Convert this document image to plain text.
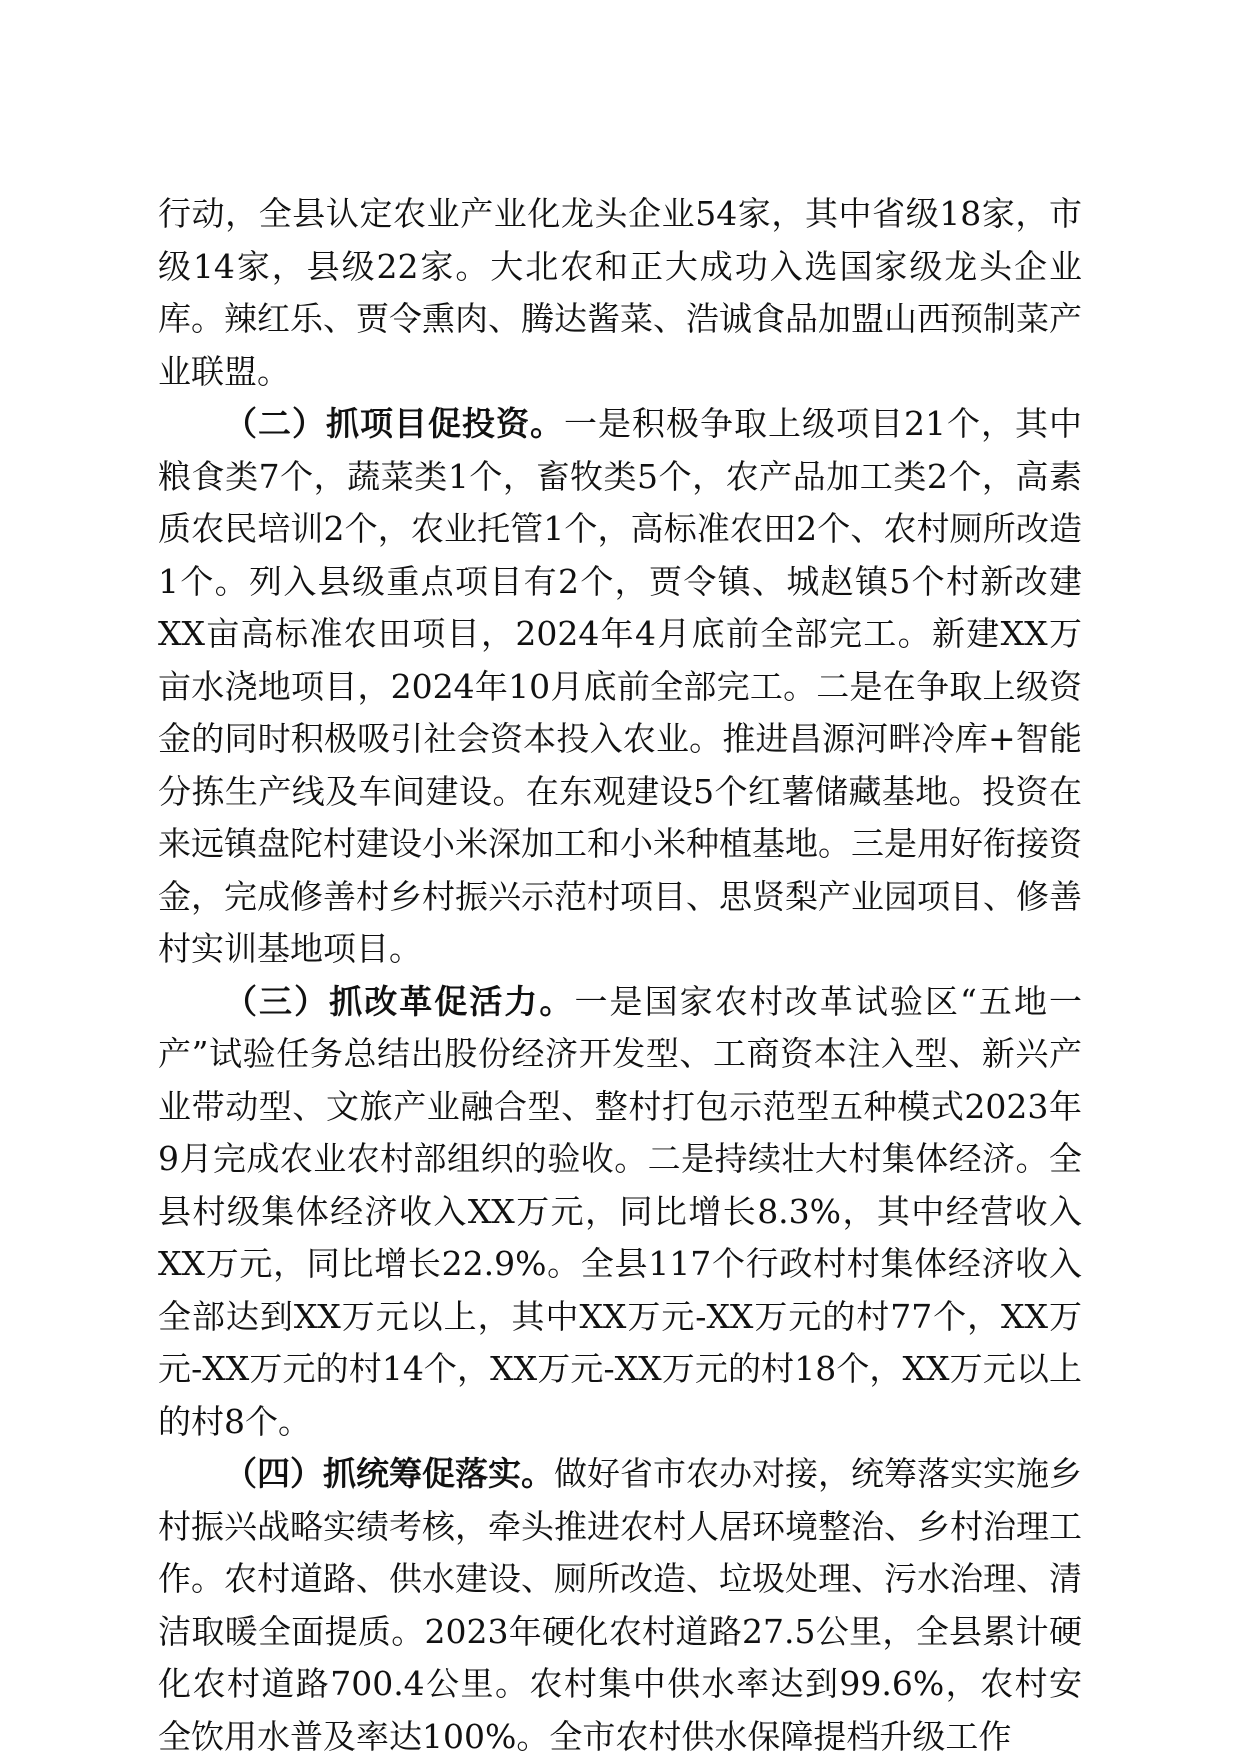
行动，全县认定农业产业化龙头企业54家，其中省级18家，市级14家，县级22家。大北农和正大成功入选国家级龙头企业库。辣红乐、贾令熏肉、腾达酱菜、浩诚食品加盟山西预制菜产业联盟。

（二）抓项目促投资。一是积极争取上级项目21个，其中粮食类7个，蔬菜类1个，畜牧类5个，农产品加工类2个，高素质农民培训2个，农业托管1个，高标准农田2个、农村厕所改造1个。列入县级重点项目有2个，贾令镇、城赵镇5个村新改建XX亩高标准农田项目，2024年4月底前全部完工。新建XX万亩水浇地项目，2024年10月底前全部完工。二是在争取上级资金的同时积极吸引社会资本投入农业。推进昌源河畔冷库+智能分拣生产线及车间建设。在东观建设5个红薯储藏基地。投资在来远镇盘陀村建设小米深加工和小米种植基地。三是用好衔接资金，完成修善村乡村振兴示范村项目、思贤梨产业园项目、修善村实训基地项目。

（三）抓改革促活力。一是国家农村改革试验区“五地一产”试验任务总结出股份经济开发型、工商资本注入型、新兴产业带动型、文旅产业融合型、整村打包示范型五种模式2023年9月完成农业农村部组织的验收。二是持续壮大村集体经济。全县村级集体经济收入XX万元，同比增长8.3%，其中经营收入XX万元，同比增长22.9%。全县117个行政村村集体经济收入全部达到XX万元以上，其中XX万元-XX万元的村77个，XX万元-XX万元的村14个，XX万元-XX万元的村18个，XX万元以上的村8个。

（四）抓统筹促落实。做好省市农办对接，统筹落实实施乡村振兴战略实绩考核，牵头推进农村人居环境整治、乡村治理工作。农村道路、供水建设、厕所改造、垃圾处理、污水治理、清洁取暖全面提质。2023年硬化农村道路27.5公里，全县累计硬化农村道路700.4公里。农村集中供水率达到99.6%，农村安全饮用水普及率达100%。全市农村供水保障提档升级工作
